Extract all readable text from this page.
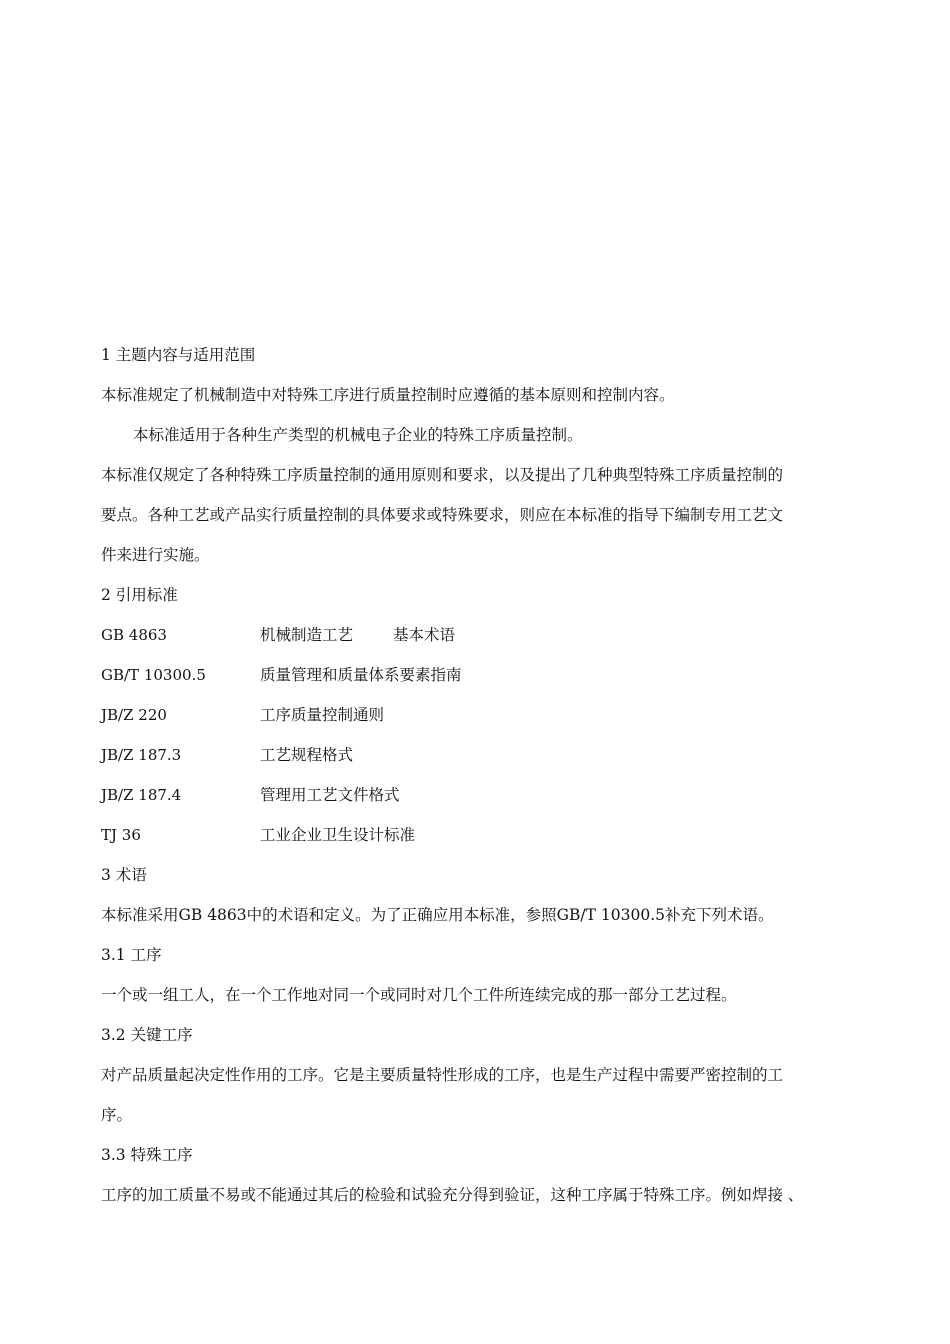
1 主题内容与适用范围
本标准规定了机械制造中对特殊工序进行质量控制时应遵循的基本原则和控制内容。
本标准适用于各种生产类型的机械电子企业的特殊工序质量控制。
本标准仅规定了各种特殊工序质量控制的通用原则和要求，以及提出了几种典型特殊工序质量控制的
要点。各种工艺或产品实行质量控制的具体要求或特殊要求，则应在本标准的指导下编制专用工艺文
件来进行实施。
2 引用标准
GB 4863	机械制造工艺	基本术语
GB/T 10300.5	质量管理和质量体系要素指南
JB/Z 220	工序质量控制通则
JB/Z 187.3	工艺规程格式
JB/Z 187.4	管理用工艺文件格式
TJ 36	工业企业卫生设计标准
3 术语
本标准采用GB 4863中的术语和定义。为了正确应用本标准，参照GB/T 10300.5补充下列术语。
3.1 工序
一个或一组工人，在一个工作地对同一个或同时对几个工件所连续完成的那一部分工艺过程。
3.2 关键工序
对产品质量起决定性作用的工序。它是主要质量特性形成的工序，也是生产过程中需要严密控制的工
序。
3.3 特殊工序
工序的加工质量不易或不能通过其后的检验和试验充分得到验证，这种工序属于特殊工序。例如焊接 、
